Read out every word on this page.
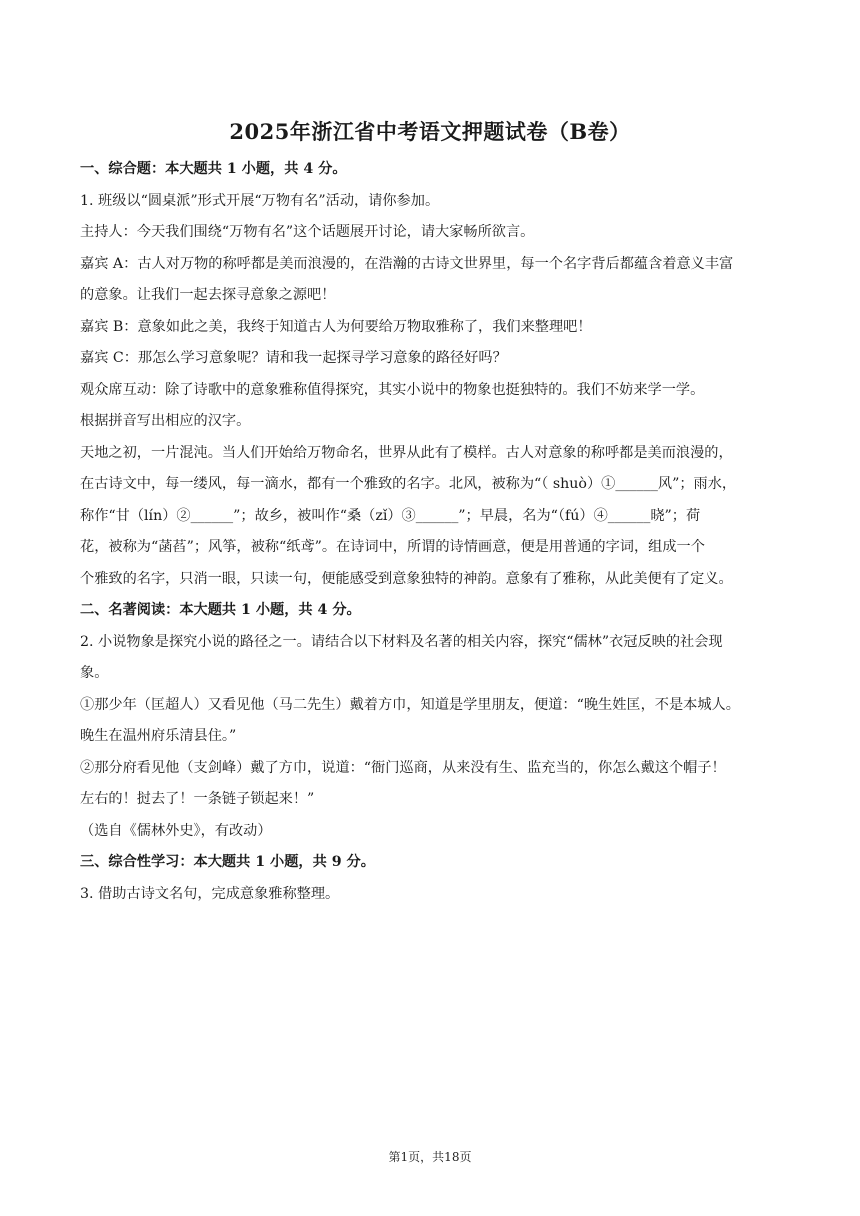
2025年浙江省中考语文押题试卷（B卷）
一、综合题：本大题共 1 小题，共 4 分。
1. 班级以“圆桌派”形式开展“万物有名”活动，请你参加。
主持人：今天我们围绕“万物有名”这个话题展开讨论，请大家畅所欲言。
嘉宾 A：古人对万物的称呼都是美而浪漫的，在浩瀚的古诗文世界里，每一个名字背后都蕴含着意义丰富
的意象。让我们一起去探寻意象之源吧！
嘉宾 B：意象如此之美，我终于知道古人为何要给万物取雅称了，我们来整理吧！
嘉宾 C：那怎么学习意象呢？请和我一起探寻学习意象的路径好吗？
观众席互动：除了诗歌中的意象雅称值得探究，其实小说中的物象也挺独特的。我们不妨来学一学。
根据拼音写出相应的汉字。
天地之初，一片混沌。当人们开始给万物命名，世界从此有了模样。古人对意象的称呼都是美而浪漫的，
在古诗文中，每一缕风，每一滴水，都有一个雅致的名字。北风，被称为“（ shuò）①______风”；雨水，
称作“甘（lín）②______”；故乡，被叫作“桑（zǐ）③______”；早晨，名为“（fú）④______晓”；荷
花，被称为“菡萏”；风筝，被称“纸鸢”。在诗词中，所谓的诗情画意，便是用普通的字词，组成一个
个雅致的名字，只消一眼，只读一句，便能感受到意象独特的神韵。意象有了雅称，从此美便有了定义。
二、名著阅读：本大题共 1 小题，共 4 分。
2. 小说物象是探究小说的路径之一。请结合以下材料及名著的相关内容，探究“儒林”衣冠反映的社会现
象。
①那少年（匡超人）又看见他（马二先生）戴着方巾，知道是学里朋友，便道：“晚生姓匡，不是本城人。
晚生在温州府乐清县住。”
②那分府看见他（支剑峰）戴了方巾，说道：“衙门巡商，从来没有生、监充当的，你怎么戴这个帽子！
左右的！挝去了！一条链子锁起来！”
（选自《儒林外史》，有改动）
三、综合性学习：本大题共 1 小题，共 9 分。
3. 借助古诗文名句，完成意象雅称整理。
第1页，共18页
